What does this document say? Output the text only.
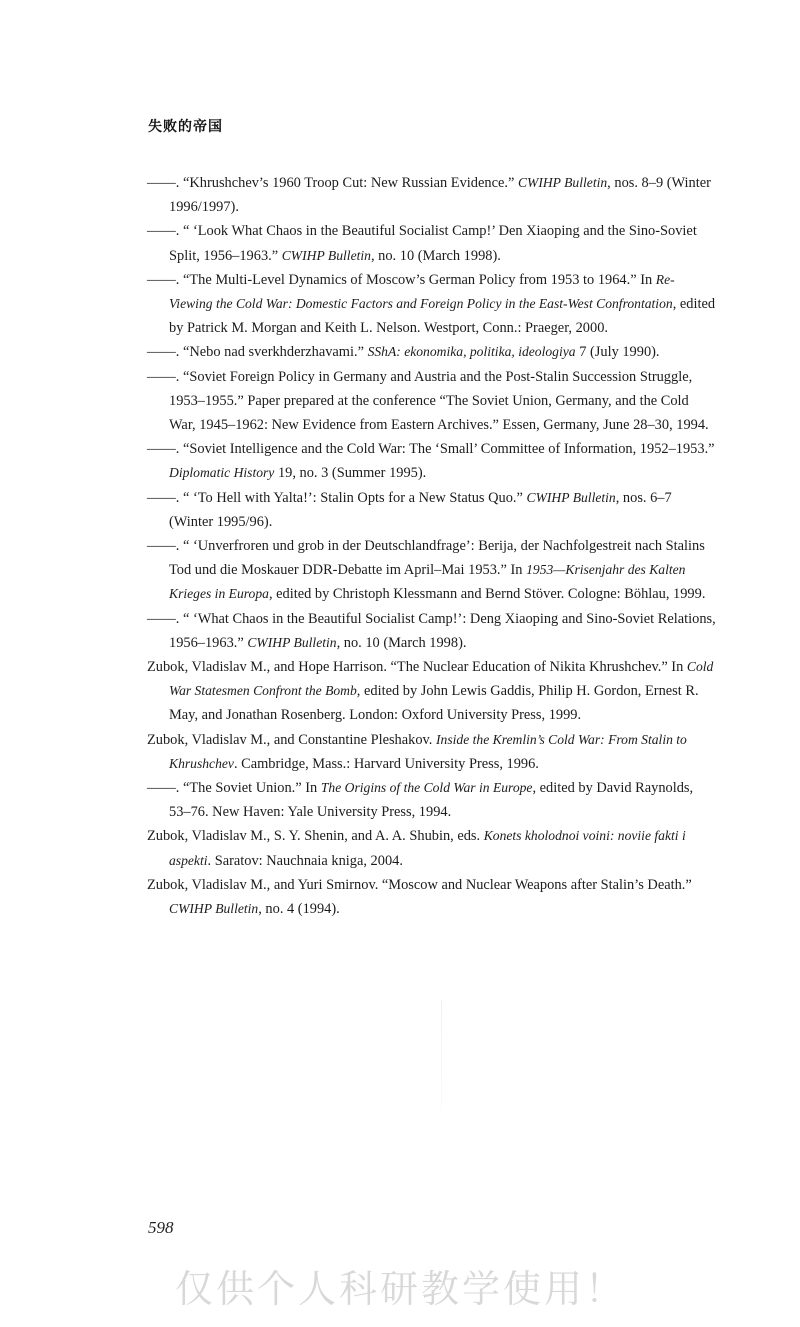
失败的帝国

——. “Khrushchev’s 1960 Troop Cut: New Russian Evidence.” CWIHP Bulletin, nos. 8–9 (Winter 1996/1997).

——. “ ‘Look What Chaos in the Beautiful Socialist Camp!’ Den Xiaoping and the Sino-Soviet Split, 1956–1963.” CWIHP Bulletin, no. 10 (March 1998).

——. “The Multi-Level Dynamics of Moscow’s German Policy from 1953 to 1964.” In Re-Viewing the Cold War: Domestic Factors and Foreign Policy in the East-West Confrontation, edited by Patrick M. Morgan and Keith L. Nelson. Westport, Conn.: Praeger, 2000.

——. “Nebo nad sverkhderzhavami.” SShA: ekonomika, politika, ideologiya 7 (July 1990).

——. “Soviet Foreign Policy in Germany and Austria and the Post-Stalin Succession Struggle, 1953–1955.” Paper prepared at the conference “The Soviet Union, Germany, and the Cold War, 1945–1962: New Evidence from Eastern Archives.” Essen, Germany, June 28–30, 1994.

——. “Soviet Intelligence and the Cold War: The ‘Small’ Committee of Information, 1952–1953.” Diplomatic History 19, no. 3 (Summer 1995).

——. “ ‘To Hell with Yalta!’: Stalin Opts for a New Status Quo.” CWIHP Bulletin, nos. 6–7 (Winter 1995/96).

——. “ ‘Unverfroren und grob in der Deutschlandfrage’: Berija, der Nachfolgestreit nach Stalins Tod und die Moskauer DDR-Debatte im April–Mai 1953.” In 1953—Krisenjahr des Kalten Krieges in Europa, edited by Christoph Klessmann and Bernd Stöver. Cologne: Böhlau, 1999.

——. “ ‘What Chaos in the Beautiful Socialist Camp!’: Deng Xiaoping and Sino-Soviet Relations, 1956–1963.” CWIHP Bulletin, no. 10 (March 1998).

Zubok, Vladislav M., and Hope Harrison. “The Nuclear Education of Nikita Khrushchev.” In Cold War Statesmen Confront the Bomb, edited by John Lewis Gaddis, Philip H. Gordon, Ernest R. May, and Jonathan Rosenberg. London: Oxford University Press, 1999.

Zubok, Vladislav M., and Constantine Pleshakov. Inside the Kremlin’s Cold War: From Stalin to Khrushchev. Cambridge, Mass.: Harvard University Press, 1996.

——. “The Soviet Union.” In The Origins of the Cold War in Europe, edited by David Raynolds, 53–76. New Haven: Yale University Press, 1994.

Zubok, Vladislav M., S. Y. Shenin, and A. A. Shubin, eds. Konets kholodnoi voini: noviie fakti i aspekti. Saratov: Nauchnaia kniga, 2004.

Zubok, Vladislav M., and Yuri Smirnov. “Moscow and Nuclear Weapons after Stalin’s Death.” CWIHP Bulletin, no. 4 (1994).

598
仅供个人科研教学使用！
